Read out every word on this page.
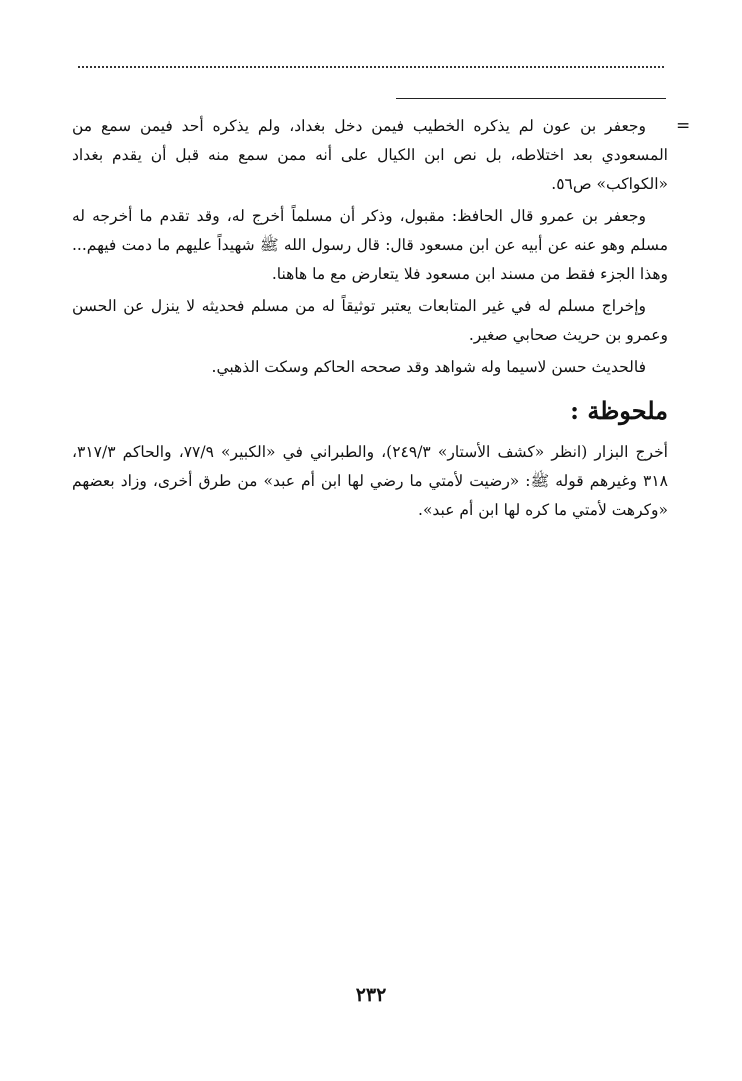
=

وجعفر بن عون لم يذكره الخطيب فيمن دخل بغداد، ولم يذكره أحد فيمن سمع من المسعودي بعد اختلاطه، بل نص ابن الكيال على أنه ممن سمع منه قبل أن يقدم بغداد «الكواكب» ص٥٦.

وجعفر بن عمرو قال الحافظ: مقبول، وذكر أن مسلماً أخرج له، وقد تقدم ما أخرجه له مسلم وهو عنه عن أبيه عن ابن مسعود قال: قال رسول الله ﷺ شهيداً عليهم ما دمت فيهم... وهذا الجزء فقط من مسند ابن مسعود فلا يتعارض مع ما هاهنا.

وإخراج مسلم له في غير المتابعات يعتبر توثيقاً له من مسلم فحديثه لا ينزل عن الحسن وعمرو بن حريث صحابي صغير.

فالحديث حسن لاسيما وله شواهد وقد صححه الحاكم وسكت الذهبي.

ملحوظة :

أخرج البزار (انظر «كشف الأستار» ٢٤٩/٣)، والطبراني في «الكبير» ٧٧/٩، والحاكم ٣١٧/٣، ٣١٨ وغيرهم قوله ﷺ: «رضيت لأمتي ما رضي لها ابن أم عبد» من طرق أخرى، وزاد بعضهم «وكرهت لأمتي ما كره لها ابن أم عبد».

٢٣٢
